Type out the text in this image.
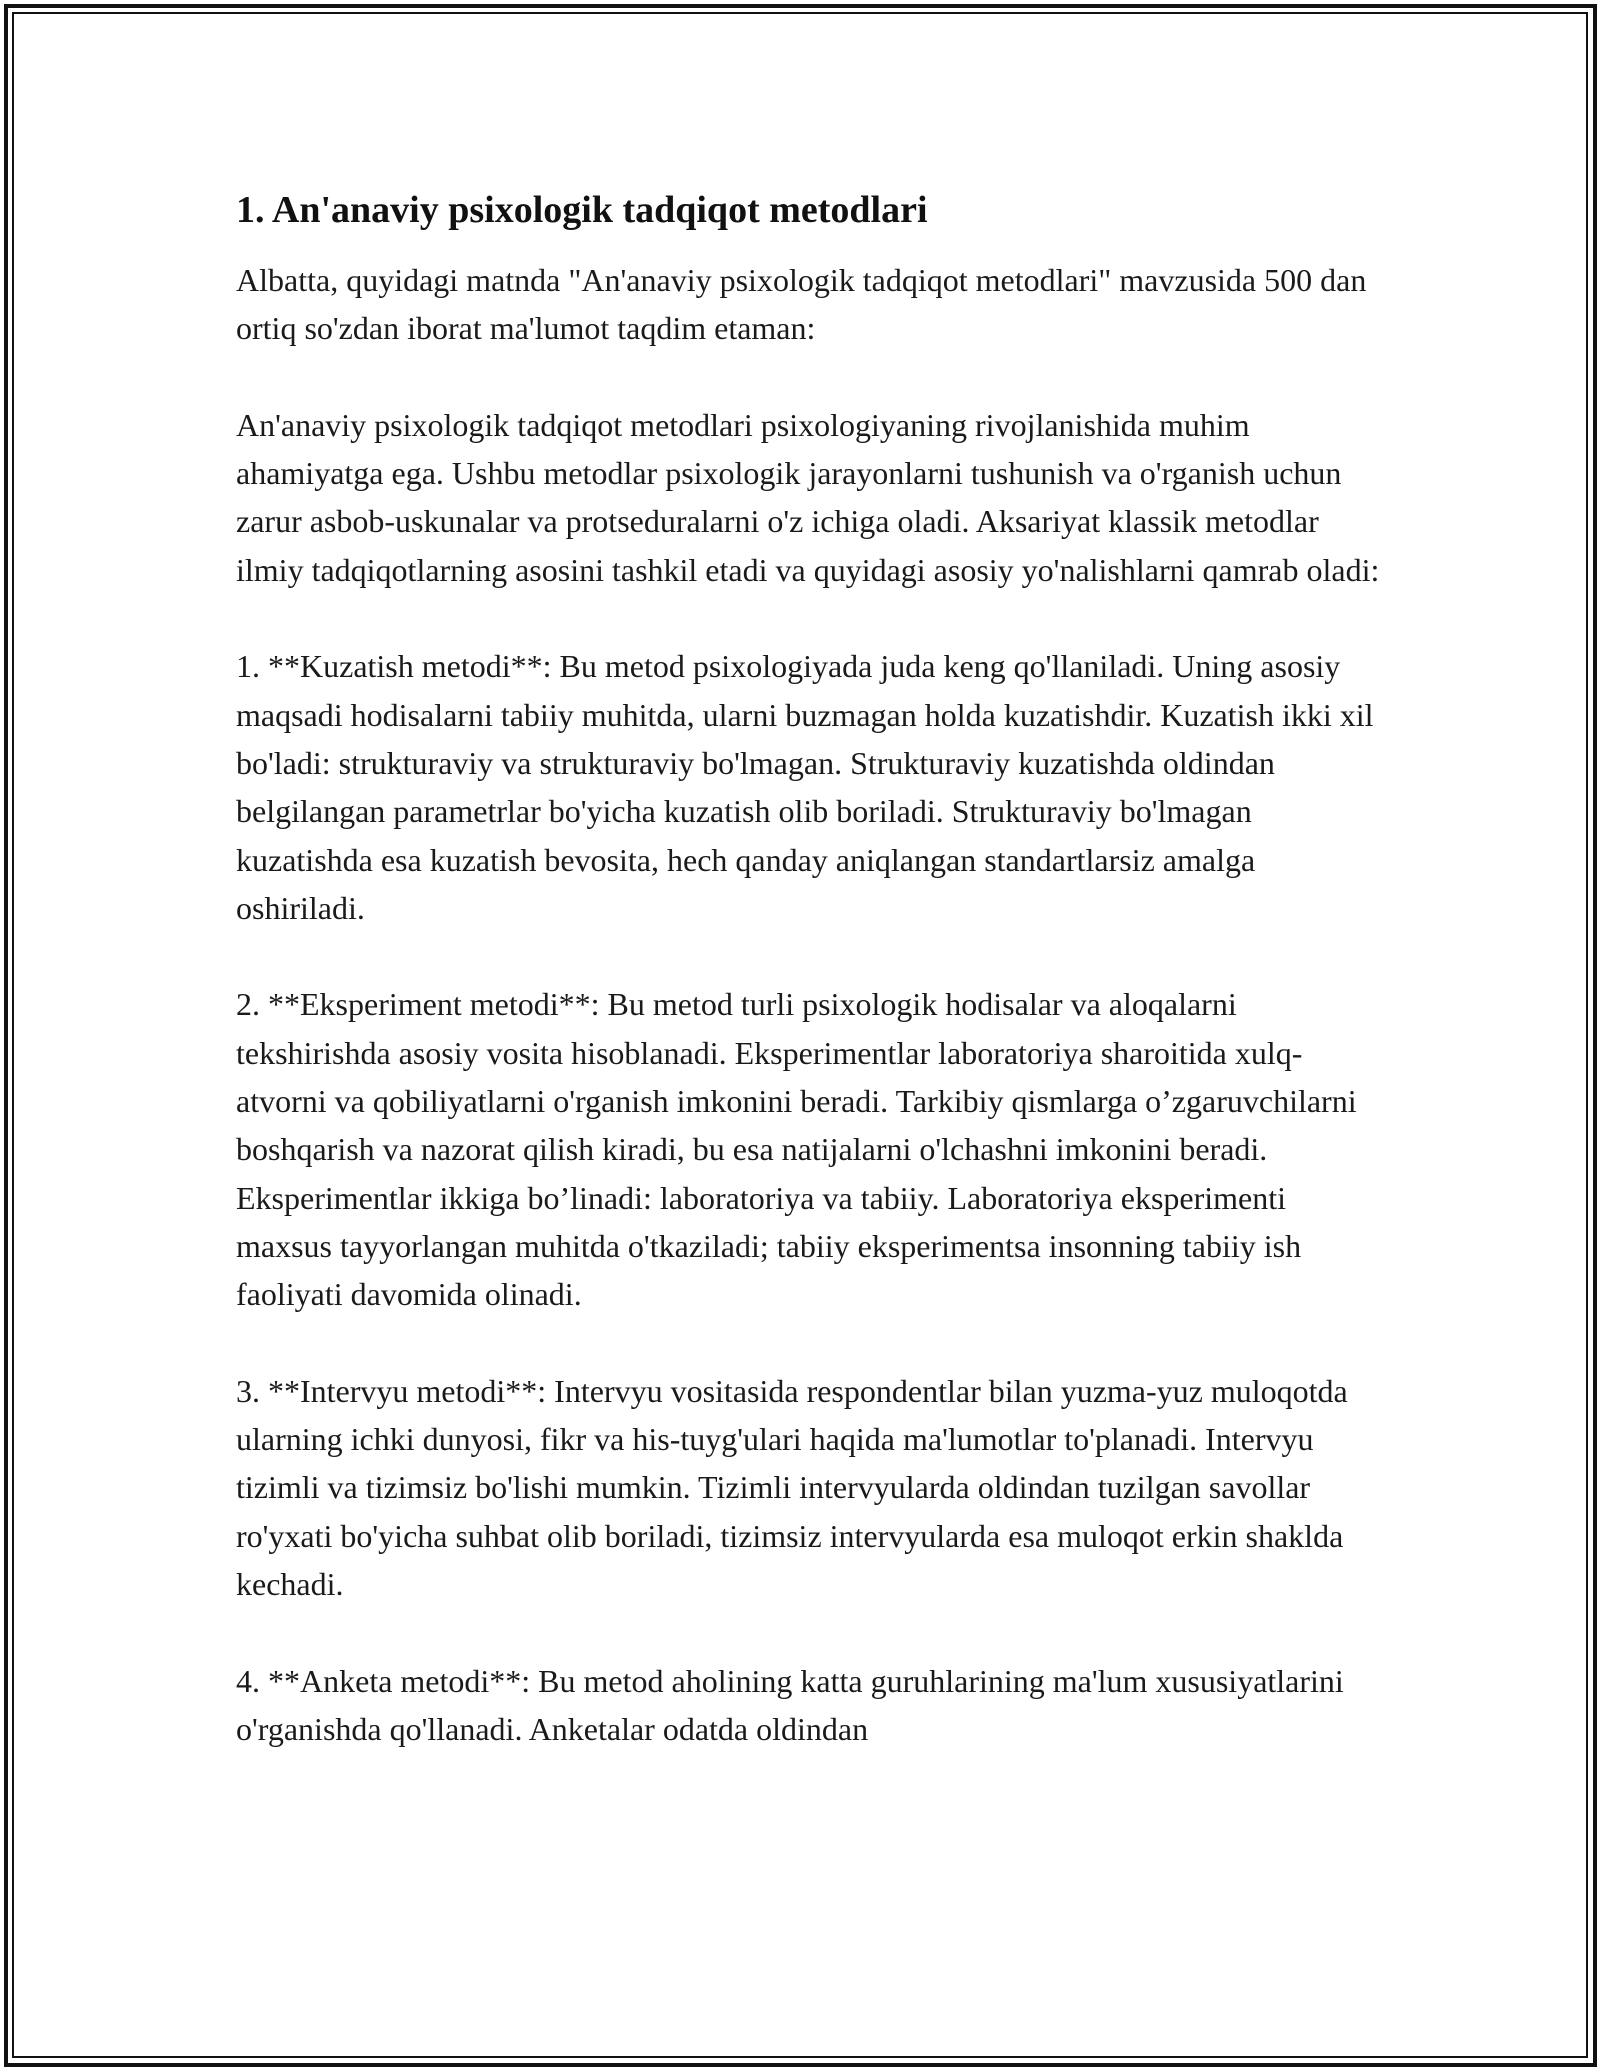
1. An'anaviy psixologik tadqiqot metodlari

Albatta, quyidagi matnda "An'anaviy psixologik tadqiqot metodlari" mavzusida 500 dan ortiq so'zdan iborat ma'lumot taqdim etaman:

An'anaviy psixologik tadqiqot metodlari psixologiyaning rivojlanishida muhim ahamiyatga ega. Ushbu metodlar psixologik jarayonlarni tushunish va o'rganish uchun zarur asbob-uskunalar va protseduralarni o'z ichiga oladi. Aksariyat klassik metodlar ilmiy tadqiqotlarning asosini tashkil etadi va quyidagi asosiy yo'nalishlarni qamrab oladi:

1. **Kuzatish metodi**: Bu metod psixologiyada juda keng qo'llaniladi. Uning asosiy maqsadi hodisalarni tabiiy muhitda, ularni buzmagan holda kuzatishdir. Kuzatish ikki xil bo'ladi: strukturaviy va strukturaviy bo'lmagan. Strukturaviy kuzatishda oldindan belgilangan parametrlar bo'yicha kuzatish olib boriladi. Strukturaviy bo'lmagan kuzatishda esa kuzatish bevosita, hech qanday aniqlangan standartlarsiz amalga oshiriladi.

2. **Eksperiment metodi**: Bu metod turli psixologik hodisalar va aloqalarni tekshirishda asosiy vosita hisoblanadi. Eksperimentlar laboratoriya sharoitida xulq-atvorni va qobiliyatlarni o'rganish imkonini beradi. Tarkibiy qismlarga o’zgaruvchilarni boshqarish va nazorat qilish kiradi, bu esa natijalarni o'lchashni imkonini beradi. Eksperimentlar ikkiga bo’linadi: laboratoriya va tabiiy. Laboratoriya eksperimenti maxsus tayyorlangan muhitda o'tkaziladi; tabiiy eksperimentsa insonning tabiiy ish faoliyati davomida olinadi.

3. **Intervyu metodi**: Intervyu vositasida respondentlar bilan yuzma-yuz muloqotda ularning ichki dunyosi, fikr va his-tuyg'ulari haqida ma'lumotlar to'planadi. Intervyu tizimli va tizimsiz bo'lishi mumkin. Tizimli intervyularda oldindan tuzilgan savollar ro'yxati bo'yicha suhbat olib boriladi, tizimsiz intervyularda esa muloqot erkin shaklda kechadi.

4. **Anketa metodi**: Bu metod aholining katta guruhlarining ma'lum xususiyatlarini o'rganishda qo'llanadi. Anketalar odatda oldindan
